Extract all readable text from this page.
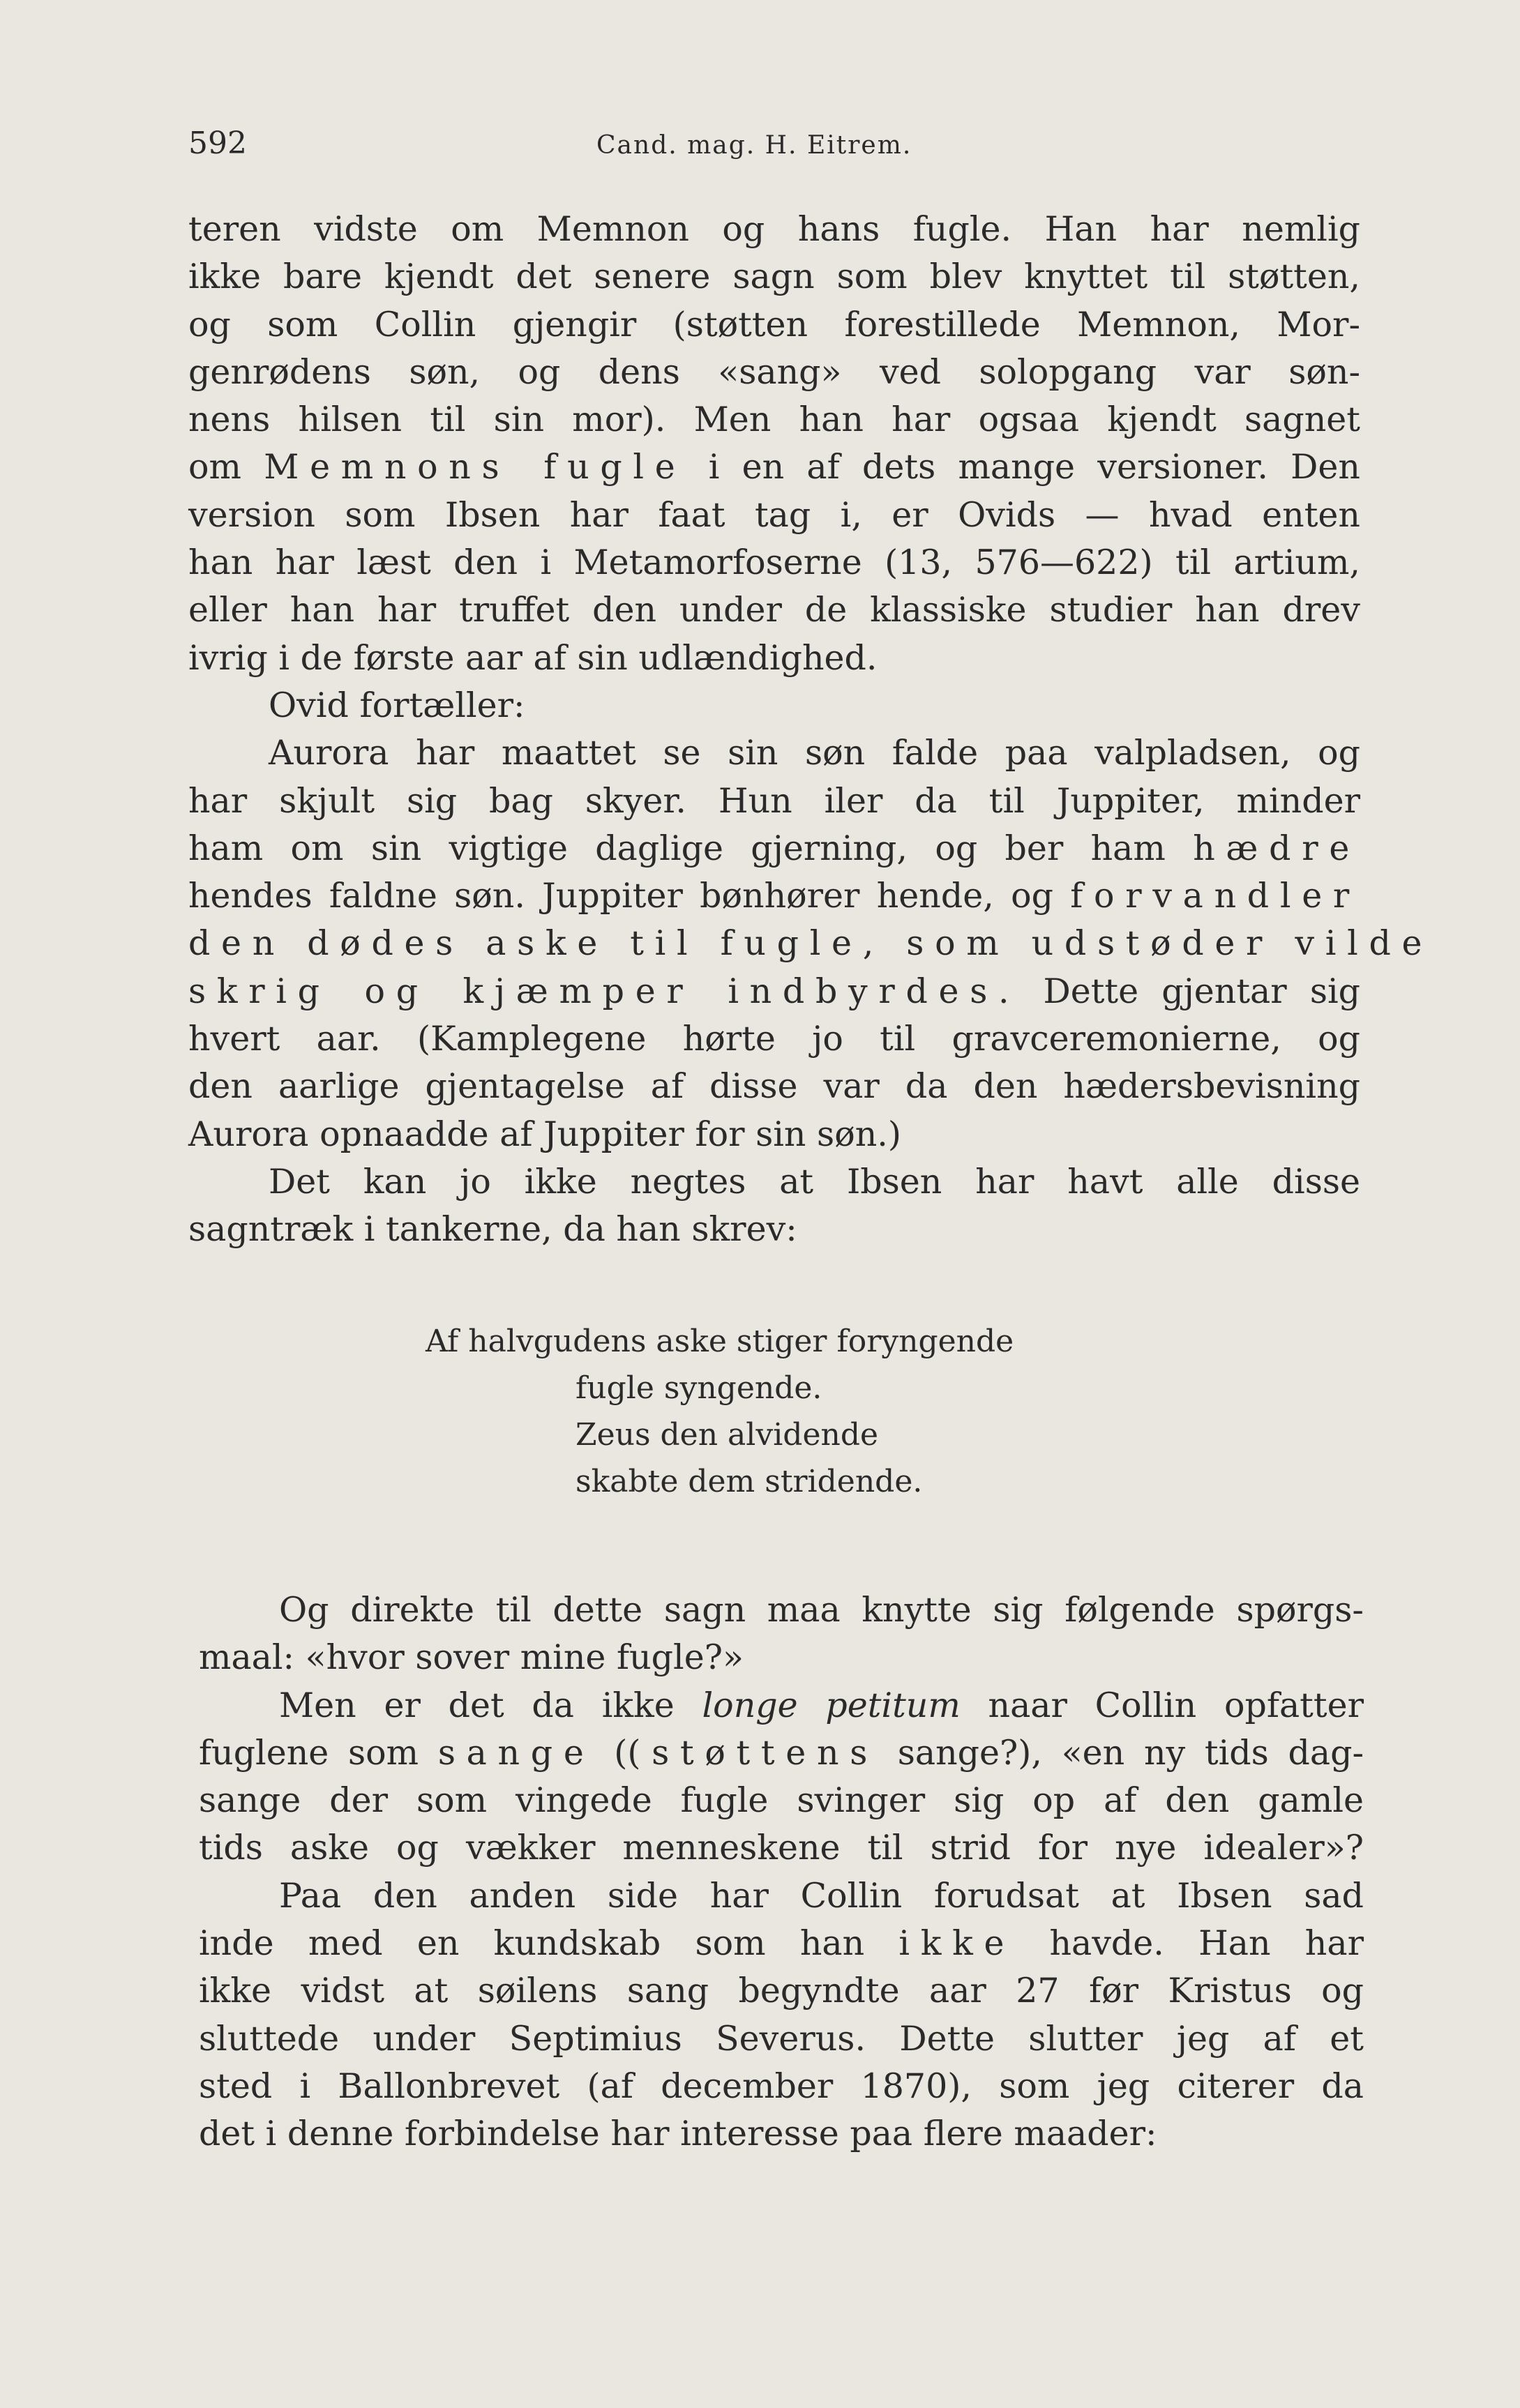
592	Cand. mag. H. Eitrem.
teren vidste om Memnon og hans fugle. Han har nemlig
ikke bare kjendt det senere sagn som blev knyttet til støtten,
og som Collin gjengir (støtten forestillede Memnon, Mor-
genrødens søn, og dens «sang» ved solopgang var søn-
nens hilsen til sin mor). Men han har ogsaa kjendt sagnet
om Memnons fugle i en af dets mange versioner. Den
version som Ibsen har faat tag i, er Ovids — hvad enten
han har læst den i Metamorfoserne (13, 576—622) til artium,
eller han har truffet den under de klassiske studier han drev
ivrig i de første aar af sin udlændighed.
Ovid fortæller:
Aurora har maattet se sin søn falde paa valpladsen, og
har skjult sig bag skyer. Hun iler da til Juppiter, minder
ham om sin vigtige daglige gjerning, og ber ham hædre
hendes faldne søn. Juppiter bønhører hende, og forvandler
den dødes aske til fugle, som udstøder vilde
skrig og kjæmper indbyrdes. Dette gjentar sig
hvert aar. (Kamplegene hørte jo til gravceremonierne, og
den aarlige gjentagelse af disse var da den hædersbevisning
Aurora opnaadde af Juppiter for sin søn.)
Det kan jo ikke negtes at Ibsen har havt alle disse
sagntræk i tankerne, da han skrev:
Af halvgudens aske stiger foryngende
fugle syngende.
Zeus den alvidende
skabte dem stridende.
Og direkte til dette sagn maa knytte sig følgende spørgs-
maal: «hvor sover mine fugle?»
Men er det da ikke longe petitum naar Collin opfatter
fuglene som sange ((støttens sange?), «en ny tids dag-
sange der som vingede fugle svinger sig op af den gamle
tids aske og vækker menneskene til strid for nye idealer»?
Paa den anden side har Collin forudsat at Ibsen sad
inde med en kundskab som han ikke havde. Han har
ikke vidst at søilens sang begyndte aar 27 før Kristus og
sluttede under Septimius Severus. Dette slutter jeg af et
sted i Ballonbrevet (af december 1870), som jeg citerer da
det i denne forbindelse har interesse paa flere maader:
